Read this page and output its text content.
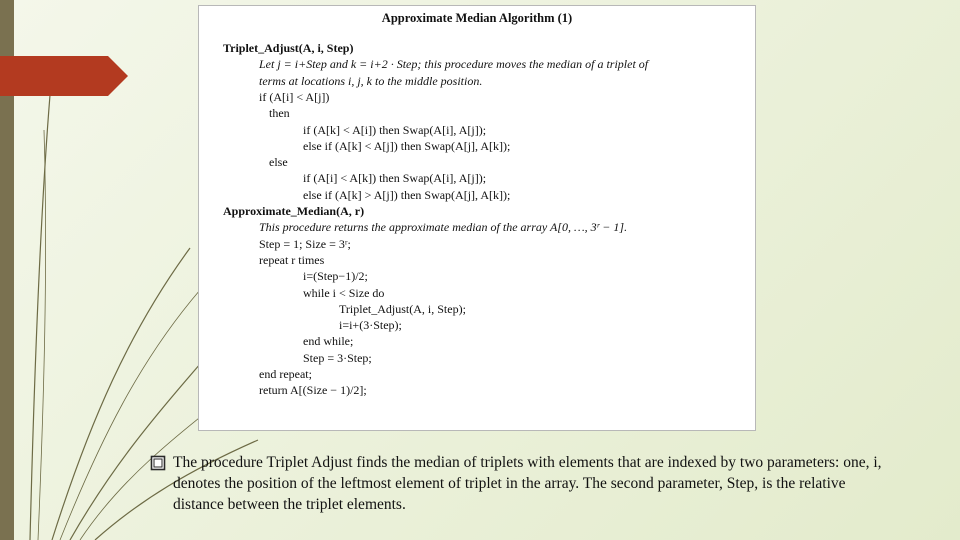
Approximate Median Algorithm (1)
Triplet_Adjust(A, i, Step)
Let j = i+Step and k = i+2 · Step; this procedure moves the median of a triplet of
terms at locations i, j, k to the middle position.
if (A[i] < A[j])
then
if (A[k] < A[i]) then Swap(A[i], A[j]);
else if (A[k] < A[j]) then Swap(A[j], A[k]);
else
if (A[i] < A[k]) then Swap(A[i], A[j]);
else if (A[k] > A[j]) then Swap(A[j], A[k]);
Approximate_Median(A, r)
This procedure returns the approximate median of the array A[0, …, 3ʳ − 1].
Step = 1; Size = 3ʳ;
repeat r times
i=(Step−1)/2;
while i < Size do
Triplet_Adjust(A, i, Step);
i=i+(3·Step);
end while;
Step = 3·Step;
end repeat;
return A[(Size − 1)/2];
The procedure Triplet Adjust finds the median of triplets with elements that are indexed by two parameters: one, i, denotes the position of the leftmost element of triplet in the array. The second parameter, Step, is the relative distance between the triplet elements.
